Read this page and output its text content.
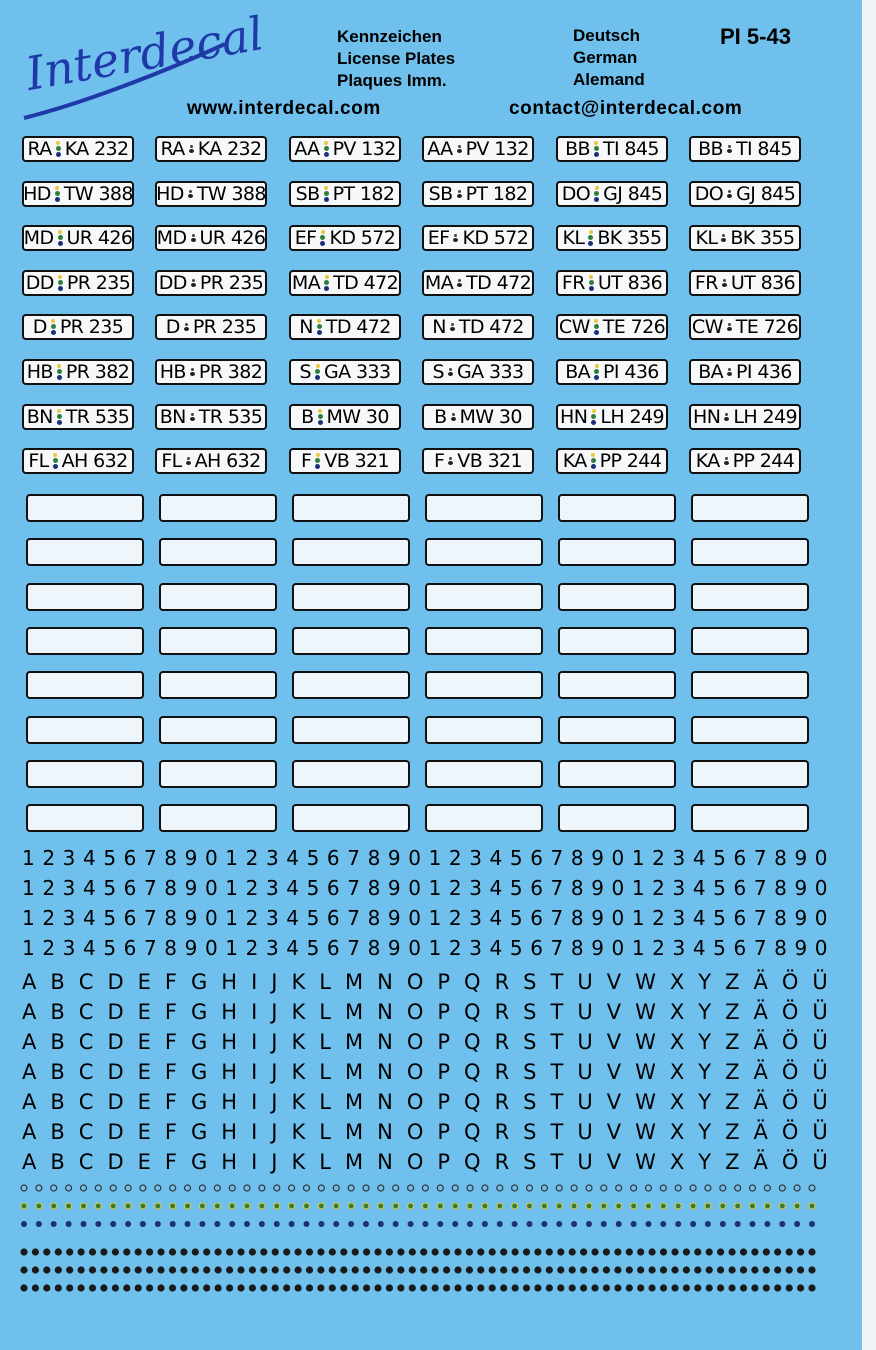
Interdecal	Kennzeichen
License Plates
Plaques Imm.
Deutsch
German
Alemand
PI 5-43
www.interdecal.com	contact@interdecal.com
RA KA 232 RA KA 232 AA PV 132 AA PV 132 BB TI 845 BB TI 845
HD TW 388 HD TW 388 SB PT 182 SB PT 182 DO GJ 845 DO GJ 845
MD UR 426 MD UR 426 EF KD 572 EF KD 572 KL BK 355 KL BK 355
DD PR 235 DD PR 235 MA TD 472 MA TD 472 FR UT 836 FR UT 836
D PR 235 D PR 235 N TD 472 N TD 472 CW TE 726 CW TE 726
HB PR 382 HB PR 382 S GA 333 S GA 333 BA PI 436 BA PI 436
BN TR 535 BN TR 535 B MW 30 B MW 30 HN LH 249 HN LH 249
FL AH 632 FL AH 632 F VB 321 F VB 321 KA PP 244 KA PP 244
1 2 3 4 5 6 7 8 9 0 1 2 3 4 5 6 7 8 9 0 1 2 3 4 5 6 7 8 9 0 1 2 3 4 5 6 7 8 9 0
1 2 3 4 5 6 7 8 9 0 1 2 3 4 5 6 7 8 9 0 1 2 3 4 5 6 7 8 9 0 1 2 3 4 5 6 7 8 9 0
1 2 3 4 5 6 7 8 9 0 1 2 3 4 5 6 7 8 9 0 1 2 3 4 5 6 7 8 9 0 1 2 3 4 5 6 7 8 9 0
1 2 3 4 5 6 7 8 9 0 1 2 3 4 5 6 7 8 9 0 1 2 3 4 5 6 7 8 9 0 1 2 3 4 5 6 7 8 9 0
A B C D E F G H I J K L M N O P Q R S T U V W X Y Z Ä Ö Ü
A B C D E F G H I J K L M N O P Q R S T U V W X Y Z Ä Ö Ü
A B C D E F G H I J K L M N O P Q R S T U V W X Y Z Ä Ö Ü
A B C D E F G H I J K L M N O P Q R S T U V W X Y Z Ä Ö Ü
A B C D E F G H I J K L M N O P Q R S T U V W X Y Z Ä Ö Ü
A B C D E F G H I J K L M N O P Q R S T U V W X Y Z Ä Ö Ü
A B C D E F G H I J K L M N O P Q R S T U V W X Y Z Ä Ö Ü
